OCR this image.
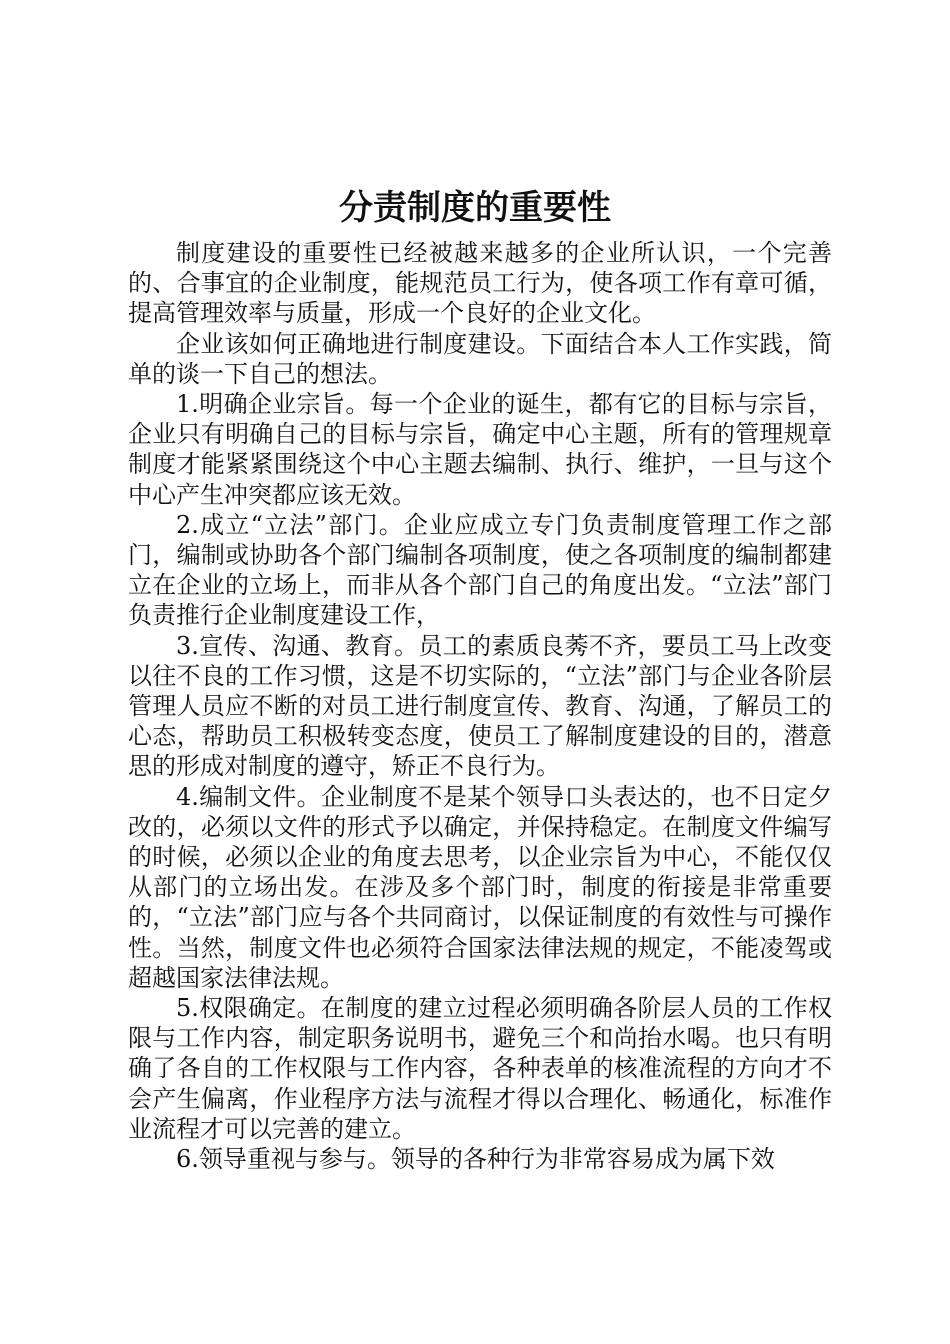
分责制度的重要性

制度建设的重要性已经被越来越多的企业所认识，一个完善的、合事宜的企业制度，能规范员工行为，使各项工作有章可循，提高管理效率与质量，形成一个良好的企业文化。

企业该如何正确地进行制度建设。下面结合本人工作实践，简单的谈一下自己的想法。

1.明确企业宗旨。每一个企业的诞生，都有它的目标与宗旨，企业只有明确自己的目标与宗旨，确定中心主题，所有的管理规章制度才能紧紧围绕这个中心主题去编制、执行、维护，一旦与这个中心产生冲突都应该无效。

2.成立“立法”部门。企业应成立专门负责制度管理工作之部门，编制或协助各个部门编制各项制度，使之各项制度的编制都建立在企业的立场上，而非从各个部门自己的角度出发。“立法”部门负责推行企业制度建设工作，

3.宣传、沟通、教育。员工的素质良莠不齐，要员工马上改变以往不良的工作习惯，这是不切实际的，“立法”部门与企业各阶层管理人员应不断的对员工进行制度宣传、教育、沟通，了解员工的心态，帮助员工积极转变态度，使员工了解制度建设的目的，潜意思的形成对制度的遵守，矫正不良行为。

4.编制文件。企业制度不是某个领导口头表达的，也不日定夕改的，必须以文件的形式予以确定，并保持稳定。在制度文件编写的时候，必须以企业的角度去思考，以企业宗旨为中心，不能仅仅从部门的立场出发。在涉及多个部门时，制度的衔接是非常重要的，“立法”部门应与各个共同商讨，以保证制度的有效性与可操作性。当然，制度文件也必须符合国家法律法规的规定，不能凌驾或超越国家法律法规。

5.权限确定。在制度的建立过程必须明确各阶层人员的工作权限与工作内容，制定职务说明书，避免三个和尚抬水喝。也只有明确了各自的工作权限与工作内容，各种表单的核准流程的方向才不会产生偏离，作业程序方法与流程才得以合理化、畅通化，标准作业流程才可以完善的建立。

6.领导重视与参与。领导的各种行为非常容易成为属下效
